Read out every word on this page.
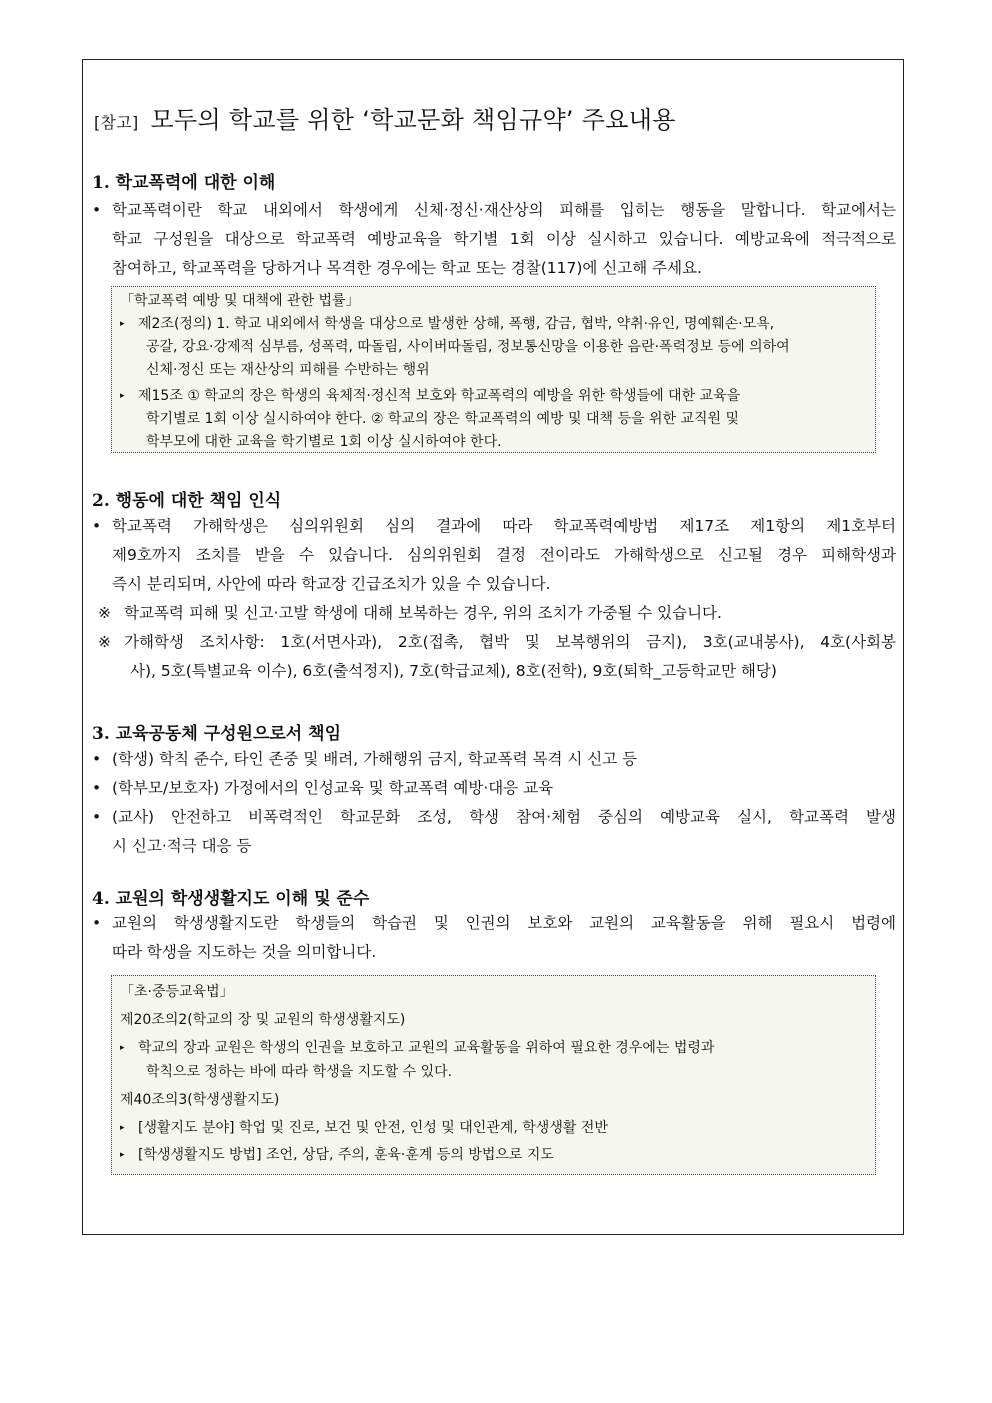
[참고] 모두의 학교를 위한 ‘학교문화 책임규약’ 주요내용
1. 학교폭력에 대한 이해
• 학교폭력이란 학교 내외에서 학생에게 신체·정신·재산상의 피해를 입히는 행동을 말합니다. 학교에서는
학교 구성원을 대상으로 학교폭력 예방교육을 학기별 1회 이상 실시하고 있습니다. 예방교육에 적극적으로
참여하고, 학교폭력을 당하거나 목격한 경우에는 학교 또는 경찰(117)에 신고해 주세요.
「학교폭력 예방 및 대책에 관한 법률」
▸ 제2조(정의) 1. 학교 내외에서 학생을 대상으로 발생한 상해, 폭행, 감금, 협박, 약취·유인, 명예훼손·모욕,
공갈, 강요·강제적 심부름, 성폭력, 따돌림, 사이버따돌림, 정보통신망을 이용한 음란·폭력정보 등에 의하여
신체·정신 또는 재산상의 피해를 수반하는 행위
▸ 제15조 ① 학교의 장은 학생의 육체적·정신적 보호와 학교폭력의 예방을 위한 학생들에 대한 교육을
학기별로 1회 이상 실시하여야 한다. ② 학교의 장은 학교폭력의 예방 및 대책 등을 위한 교직원 및
학부모에 대한 교육을 학기별로 1회 이상 실시하여야 한다.
2. 행동에 대한 책임 인식
• 학교폭력 가해학생은 심의위원회 심의 결과에 따라 학교폭력예방법 제17조 제1항의 제1호부터
제9호까지 조치를 받을 수 있습니다. 심의위원회 결정 전이라도 가해학생으로 신고될 경우 피해학생과
즉시 분리되며, 사안에 따라 학교장 긴급조치가 있을 수 있습니다.
※ 학교폭력 피해 및 신고·고발 학생에 대해 보복하는 경우, 위의 조치가 가중될 수 있습니다.
※ 가해학생 조치사항: 1호(서면사과), 2호(접촉, 협박 및 보복행위의 금지), 3호(교내봉사), 4호(사회봉
사), 5호(특별교육 이수), 6호(출석정지), 7호(학급교체), 8호(전학), 9호(퇴학_고등학교만 해당)
3. 교육공동체 구성원으로서 책임
• (학생) 학칙 준수, 타인 존중 및 배려, 가해행위 금지, 학교폭력 목격 시 신고 등
• (학부모/보호자) 가정에서의 인성교육 및 학교폭력 예방·대응 교육
• (교사) 안전하고 비폭력적인 학교문화 조성, 학생 참여·체험 중심의 예방교육 실시, 학교폭력 발생
시 신고·적극 대응 등
4. 교원의 학생생활지도 이해 및 준수
• 교원의 학생생활지도란 학생들의 학습권 및 인권의 보호와 교원의 교육활동을 위해 필요시 법령에
따라 학생을 지도하는 것을 의미합니다.
「초·중등교육법」
제20조의2(학교의 장 및 교원의 학생생활지도)
▸ 학교의 장과 교원은 학생의 인권을 보호하고 교원의 교육활동을 위하여 필요한 경우에는 법령과
학칙으로 정하는 바에 따라 학생을 지도할 수 있다.
제40조의3(학생생활지도)
▸ [생활지도 분야] 학업 및 진로, 보건 및 안전, 인성 및 대인관계, 학생생활 전반
▸ [학생생활지도 방법] 조언, 상담, 주의, 훈육·훈계 등의 방법으로 지도
